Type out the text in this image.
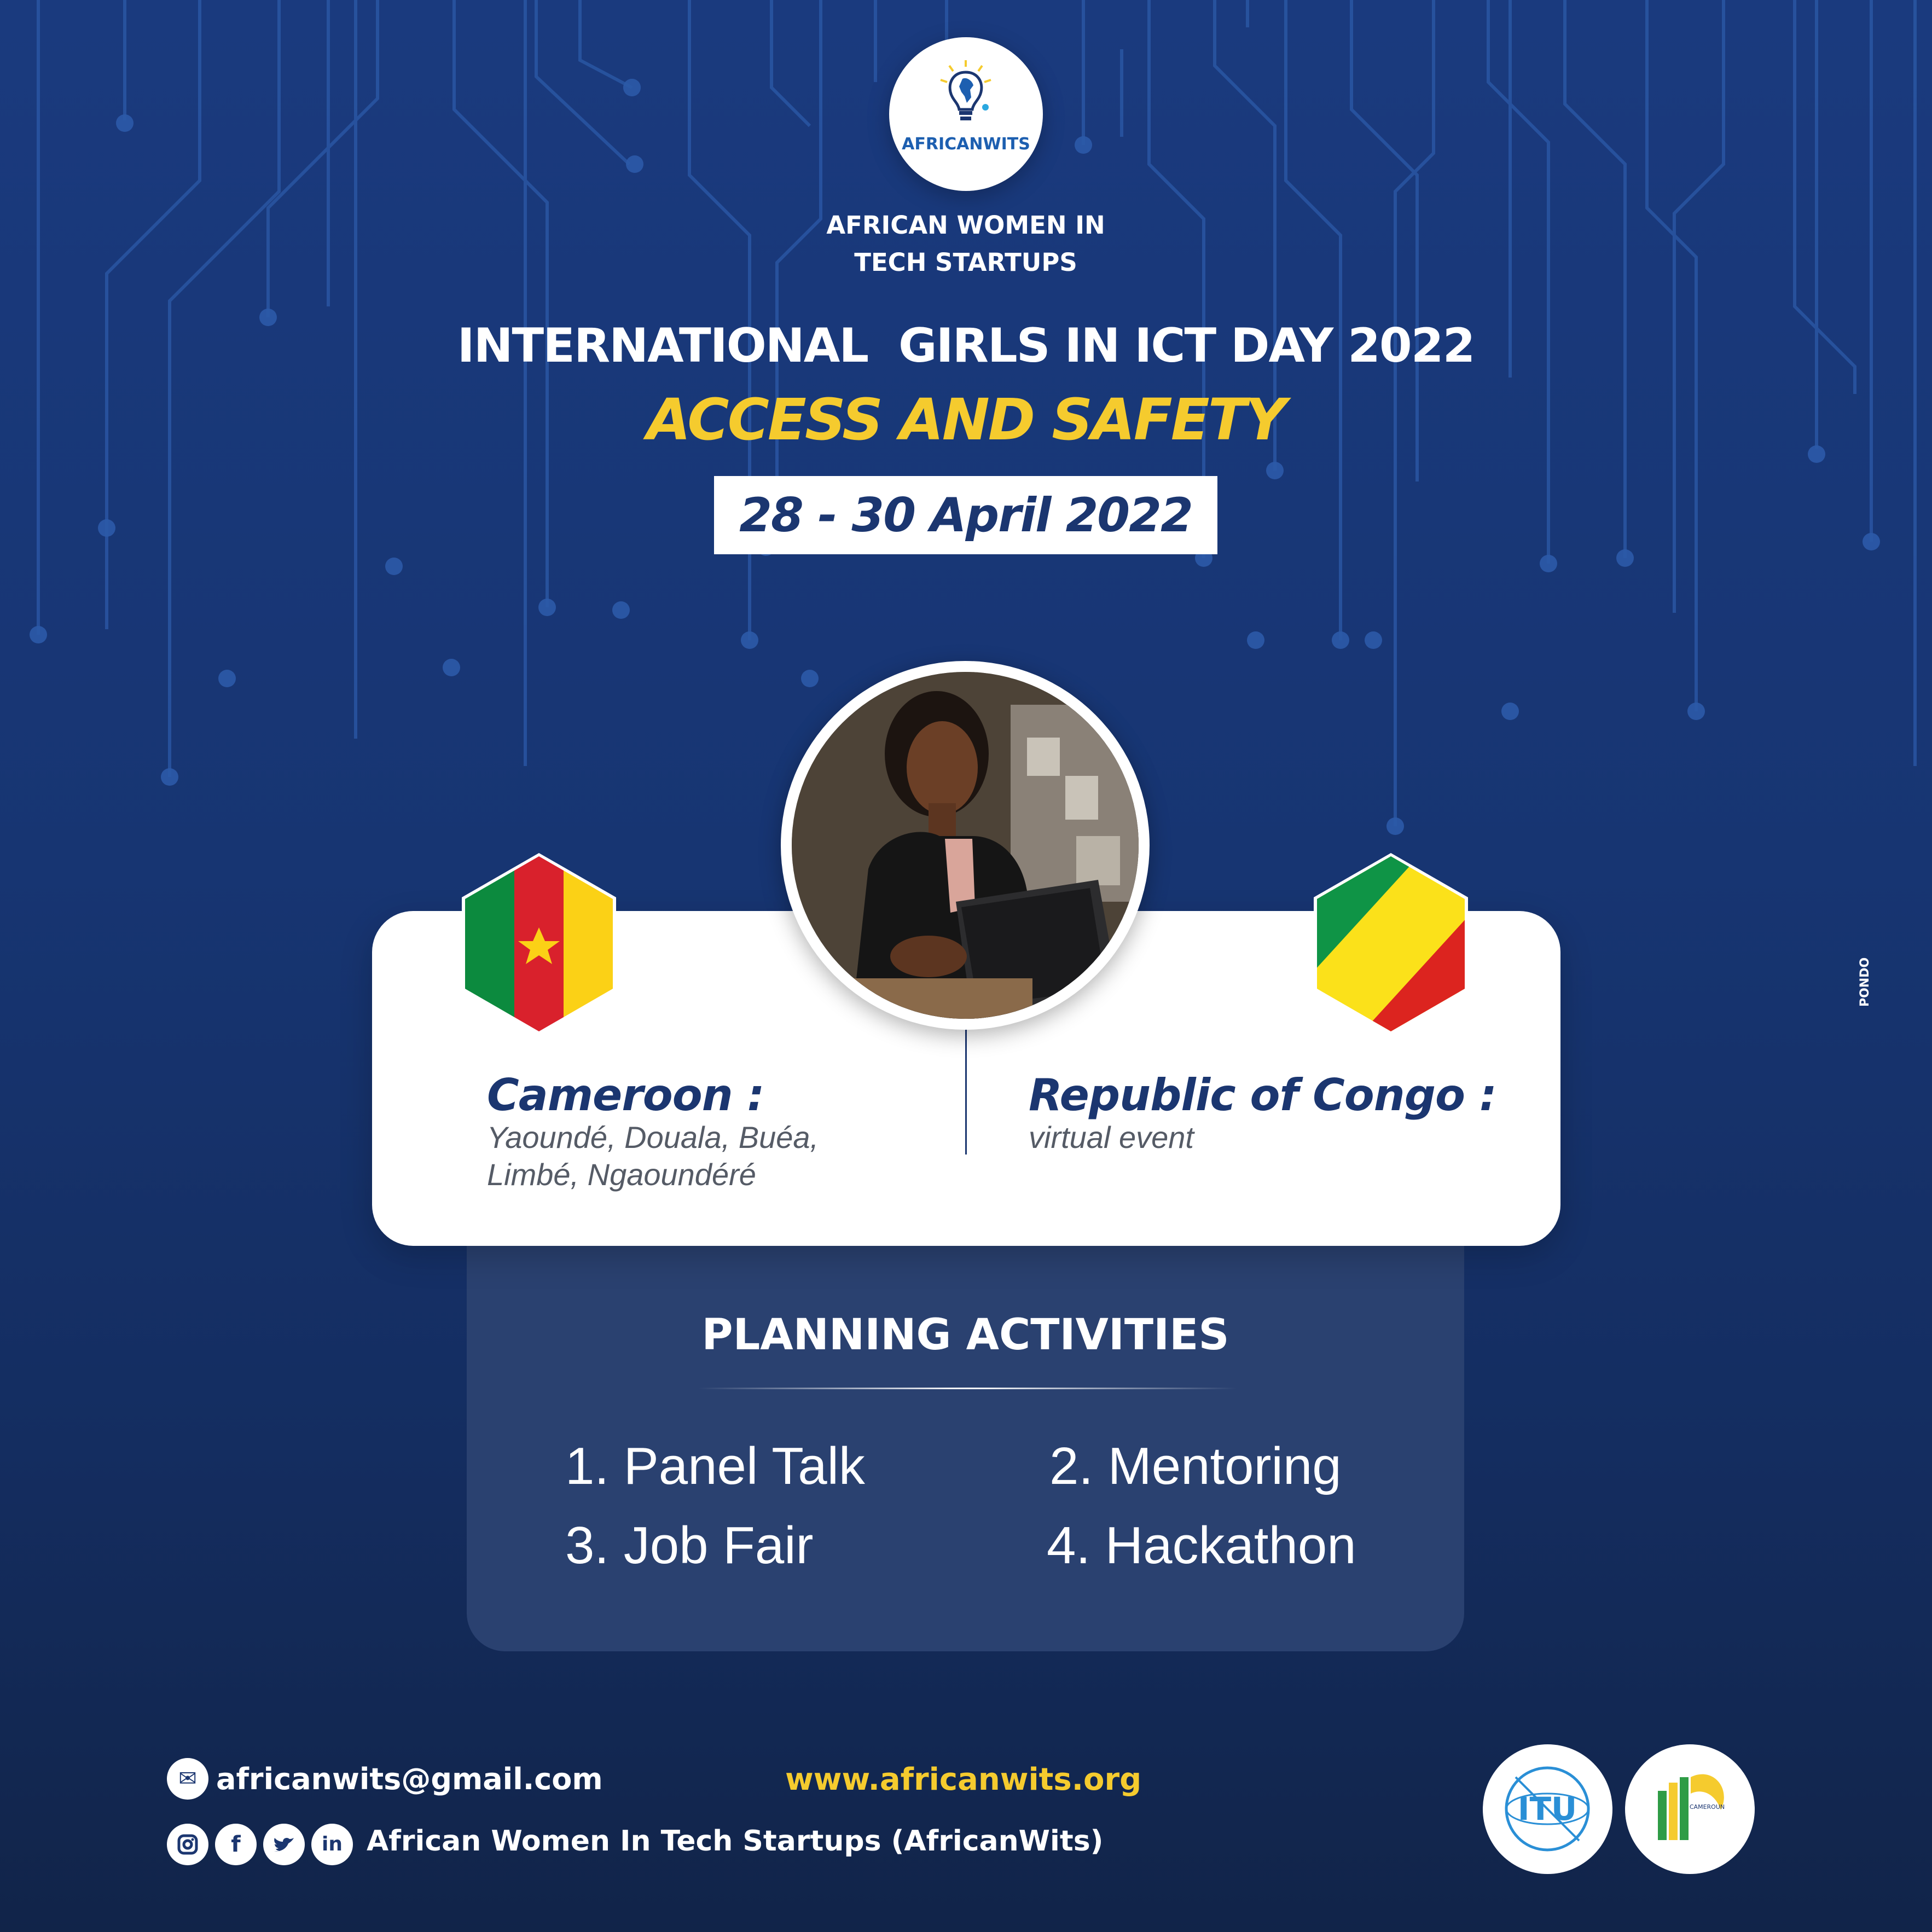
AFRICANWITS
AFRICAN WOMEN IN
TECH STARTUPS
INTERNATIONAL  GIRLS IN ICT DAY 2022
ACCESS AND SAFETY
28 - 30 April 2022
PLANNING ACTIVITIES
1. Panel Talk	2. Mentoring
3. Job Fair	4. Hackathon
Cameroon :
Yaoundé, Douala, Buéa,
Limbé, Ngaoundéré
Republic of Congo :
virtual event
PONDO
✉ africanwits@gmail.com	www.africanwits.org
f	in African Women In Tech Startups (AfricanWits)
ITU	CAMEROUN
